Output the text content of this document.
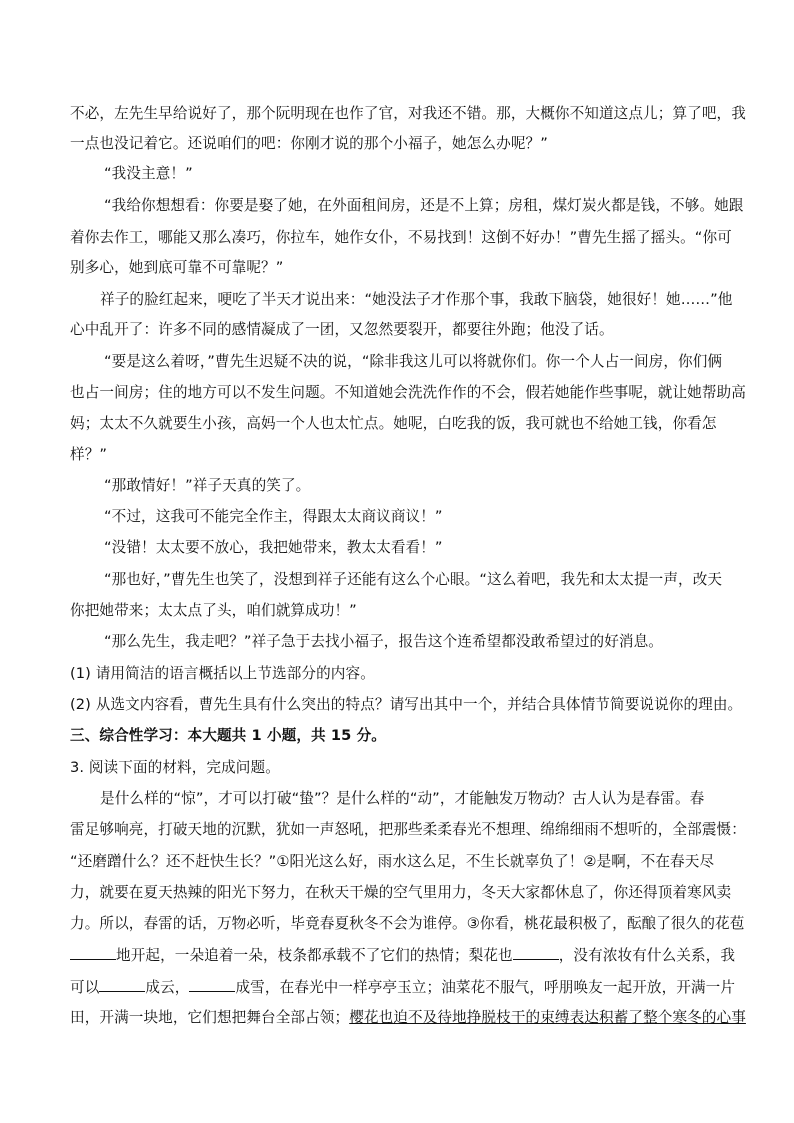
不必，左先生早给说好了，那个阮明现在也作了官，对我还不错。那，大概你不知道这点儿；算了吧，我
一点也没记着它。还说咱们的吧：你刚才说的那个小福子，她怎么办呢？”
“我没主意！”
“我给你想想看：你要是娶了她，在外面租间房，还是不上算；房租，煤灯炭火都是钱，不够。她跟
着你去作工，哪能又那么凑巧，你拉车，她作女仆，不易找到！这倒不好办！”曹先生摇了摇头。“你可
别多心，她到底可靠不可靠呢？”
祥子的脸红起来，哽吃了半天才说出来：“她没法子才作那个事，我敢下脑袋，她很好！她……”他
心中乱开了：许多不同的感情凝成了一团，又忽然要裂开，都要往外跑；他没了话。
“要是这么着呀，”曹先生迟疑不决的说，“除非我这儿可以将就你们。你一个人占一间房，你们俩
也占一间房；住的地方可以不发生问题。不知道她会洗洗作作的不会，假若她能作些事呢，就让她帮助高
妈；太太不久就要生小孩，高妈一个人也太忙点。她呢，白吃我的饭，我可就也不给她工钱，你看怎
样？”
“那敢情好！”祥子天真的笑了。
“不过，这我可不能完全作主，得跟太太商议商议！”
“没错！太太要不放心，我把她带来，教太太看看！”
“那也好，”曹先生也笑了，没想到祥子还能有这么个心眼。“这么着吧，我先和太太提一声，改天
你把她带来；太太点了头，咱们就算成功！”
“那么先生，我走吧？”祥子急于去找小福子，报告这个连希望都没敢希望过的好消息。
(1) 请用简洁的语言概括以上节选部分的内容。
(2) 从选文内容看，曹先生具有什么突出的特点？请写出其中一个，并结合具体情节简要说说你的理由。
三、综合性学习：本大题共 1 小题，共 15 分。
3. 阅读下面的材料，完成问题。
是什么样的“惊”，才可以打破“蛰”？是什么样的“动”，才能触发万物动？古人认为是春雷。春
雷足够响亮，打破天地的沉默，犹如一声怒吼，把那些柔柔春光不想理、绵绵细雨不想听的，全部震慑：
“还磨蹭什么？还不赶快生长？”①阳光这么好，雨水这么足，不生长就辜负了！②是啊，不在春天尽
力，就要在夏天热辣的阳光下努力，在秋天干燥的空气里用力，冬天大家都休息了，你还得顶着寒风卖
力。所以，春雷的话，万物必听，毕竟春夏秋冬不会为谁停。③你看，桃花最积极了，酝酿了很久的花苞
地开起，一朵追着一朵，枝条都承载不了它们的热情；梨花也	，没有浓妆有什么关系，我
可以	成云，	成雪，在春光中一样亭亭玉立；油菜花不服气，呼朋唤友一起开放，开满一片
田，开满一块地，它们想把舞台全部占领；樱花也迫不及待地挣脱枝干的束缚表达积蓄了整个寒冬的心事
